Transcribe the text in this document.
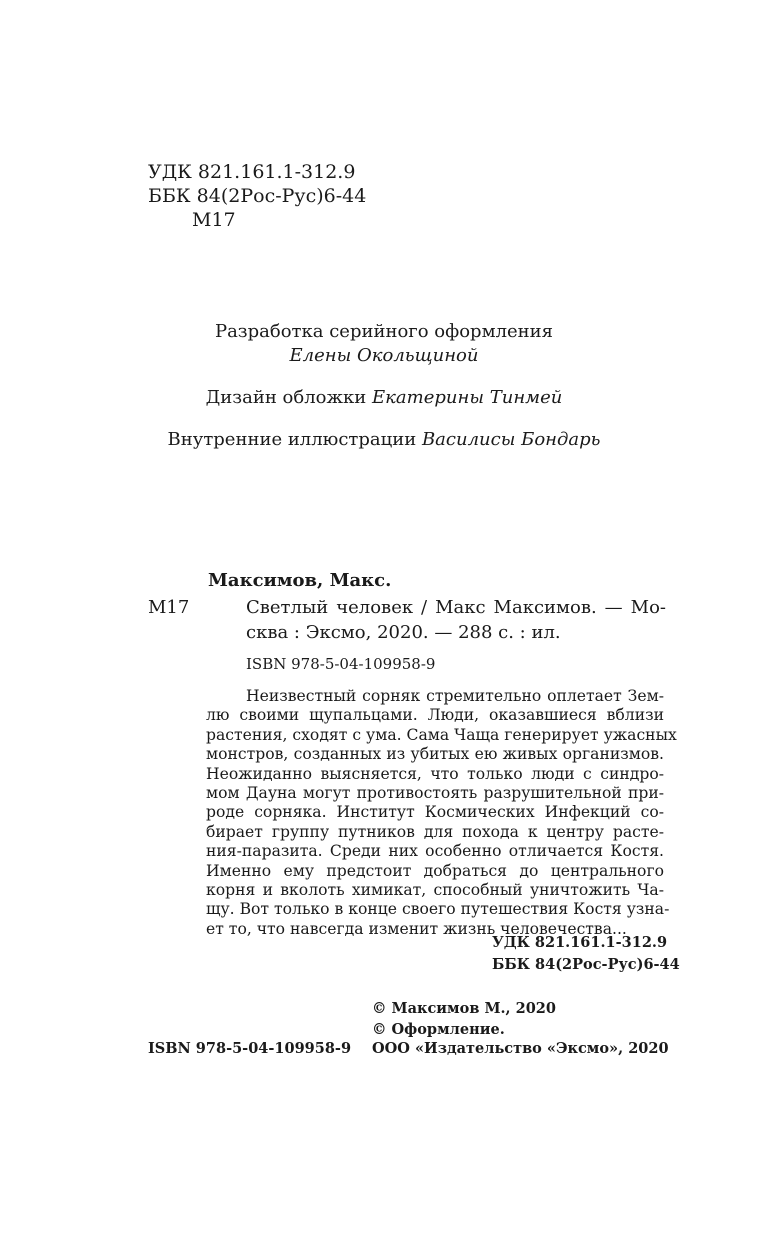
УДК 821.161.1-312.9
ББК 84(2Рос-Рус)6-44
М17
Разработка серийного оформления
Елены Окольщиной
Дизайн обложки Екатерины Тинмей
Внутренние иллюстрации Василисы Бондарь
Максимов, Макс.
М17	Светлый человек / Макс Максимов. — Мо-
сква : Эксмо, 2020. — 288 с. : ил.
ISBN 978-5-04-109958-9
Неизвестный сорняк стремительно оплетает Зем-
лю своими щупальцами. Люди, оказавшиеся вблизи
растения, сходят с ума. Сама Чаща генерирует ужасных
монстров, созданных из убитых ею живых организмов.
Неожиданно выясняется, что только люди с синдро-
мом Дауна могут противостоять разрушительной при-
роде сорняка. Институт Космических Инфекций со-
бирает группу путников для похода к центру расте-
ния-паразита. Среди них особенно отличается Костя.
Именно ему предстоит добраться до центрального
корня и вколоть химикат, способный уничтожить Ча-
щу. Вот только в конце своего путешествия Костя узна-
ет то, что навсегда изменит жизнь человечества...
УДК 821.161.1-312.9
ББК 84(2Рос-Рус)6-44
© Максимов М., 2020
© Оформление.
ООО «Издательство «Эксмо», 2020
ISBN 978-5-04-109958-9
